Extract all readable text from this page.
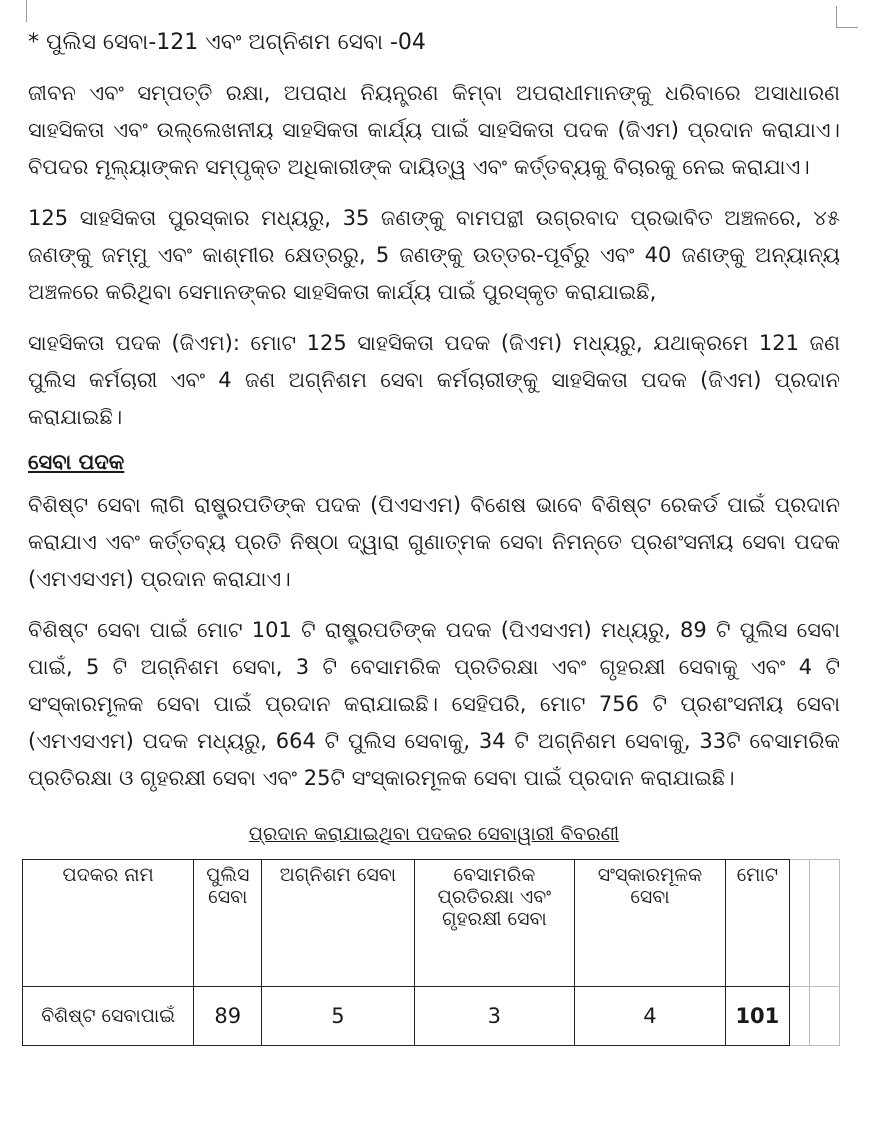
* ପୁଲିସ ସେବା-121 ଏବଂ ଅଗ୍ନିଶମ ସେବା -04

ଜୀବନ ଏବଂ ସମ୍ପତ୍ତି ରକ୍ଷା, ଅପରାଧ ନିୟନ୍ତ୍ରଣ କିମ୍ବା ଅପରାଧୀମାନଙ୍କୁ ଧରିବାରେ ଅସାଧାରଣ ସାହସିକତା ଏବଂ ଉଲ୍ଲେଖନୀୟ ସାହସିକତା କାର୍ଯ୍ୟ ପାଇଁ ସାହସିକତା ପଦକ (ଜିଏମ) ପ୍ରଦାନ କରାଯାଏ। ବିପଦର ମୂଲ୍ୟାଙ୍କନ ସମ୍ପୃକ୍ତ ଅଧିକାରୀଙ୍କ ଦାୟିତ୍ୱ ଏବଂ କର୍ତ୍ତବ୍ୟକୁ ବିଚାରକୁ ନେଇ କରାଯାଏ।

125 ସାହସିକତା ପୁରସ୍କାର ମଧ୍ୟରୁ, 35 ଜଣଙ୍କୁ ବାମପନ୍ଥୀ ଉଗ୍ରବାଦ ପ୍ରଭାବିତ ଅଞ୍ଚଳରେ, ୪୫ ଜଣଙ୍କୁ ଜମ୍ମୁ ଏବଂ କାଶ୍ମୀର କ୍ଷେତ୍ରରୁ, 5 ଜଣଙ୍କୁ ଉତ୍ତର-ପୂର୍ବରୁ ଏବଂ 40 ଜଣଙ୍କୁ ଅନ୍ୟାନ୍ୟ ଅଞ୍ଚଳରେ କରିଥିବା ସେମାନଙ୍କର ସାହସିକତା କାର୍ଯ୍ୟ ପାଇଁ ପୁରସ୍କୃତ କରାଯାଇଛି,

ସାହସିକତା ପଦକ (ଜିଏମ): ମୋଟ 125 ସାହସିକତା ପଦକ (ଜିଏମ) ମଧ୍ୟରୁ, ଯଥାକ୍ରମେ 121 ଜଣ ପୁଲିସ କର୍ମଚାରୀ ଏବଂ 4 ଜଣ ଅଗ୍ନିଶମ ସେବା କର୍ମଚାରୀଙ୍କୁ ସାହସିକତା ପଦକ (ଜିଏମ) ପ୍ରଦାନ କରାଯାଇଛି।

ସେବା ପଦକ

ବିଶିଷ୍ଟ ସେବା ଲାଗି ରାଷ୍ଟ୍ରପତିଙ୍କ ପଦକ (ପିଏସଏମ) ବିଶେଷ ଭାବେ ବିଶିଷ୍ଟ ରେକର୍ଡ ପାଇଁ ପ୍ରଦାନ କରାଯାଏ ଏବଂ କର୍ତ୍ତବ୍ୟ ପ୍ରତି ନିଷ୍ଠା ଦ୍ୱାରା ଗୁଣାତ୍ମକ ସେବା ନିମନ୍ତେ ପ୍ରଶଂସନୀୟ ସେବା ପଦକ (ଏମଏସଏମ) ପ୍ରଦାନ କରାଯାଏ।

ବିଶିଷ୍ଟ ସେବା ପାଇଁ ମୋଟ 101 ଟି ରାଷ୍ଟ୍ରପତିଙ୍କ ପଦକ (ପିଏସଏମ) ମଧ୍ୟରୁ, 89 ଟି ପୁଲିସ ସେବା ପାଇଁ, 5 ଟି ଅଗ୍ନିଶମ ସେବା, 3 ଟି ବେସାମରିକ ପ୍ରତିରକ୍ଷା ଏବଂ ଗୃହରକ୍ଷୀ ସେବାକୁ ଏବଂ 4 ଟି ସଂସ୍କାରମୂଳକ ସେବା ପାଇଁ ପ୍ରଦାନ କରାଯାଇଛି। ସେହିପରି, ମୋଟ 756 ଟି ପ୍ରଶଂସନୀୟ ସେବା (ଏମଏସଏମ) ପଦକ ମଧ୍ୟରୁ, 664 ଟି ପୁଲିସ ସେବାକୁ, 34 ଟି ଅଗ୍ନିଶମ ସେବାକୁ, 33ଟି ବେସାମରିକ ପ୍ରତିରକ୍ଷା ଓ ଗୃହରକ୍ଷୀ ସେବା ଏବଂ 25ଟି ସଂସ୍କାରମୂଳକ ସେବା ପାଇଁ ପ୍ରଦାନ କରାଯାଇଛି।

ପ୍ରଦାନ କରାଯାଇଥିବା ପଦକର ସେବାୱାରୀ ବିବରଣୀ
ପଦକର ନାମ	ପୁଲିସ ସେବା	ଅଗ୍ନିଶମ ସେବା	ବେସାମରିକ ପ୍ରତିରକ୍ଷା ଏବଂ ଗୃହରକ୍ଷୀ ସେବା	ସଂସ୍କାରମୂଳକ ସେବା	ମୋଟ		
ବିଶିଷ୍ଟ ସେବାପାଇଁ	89	5	3	4	101		
